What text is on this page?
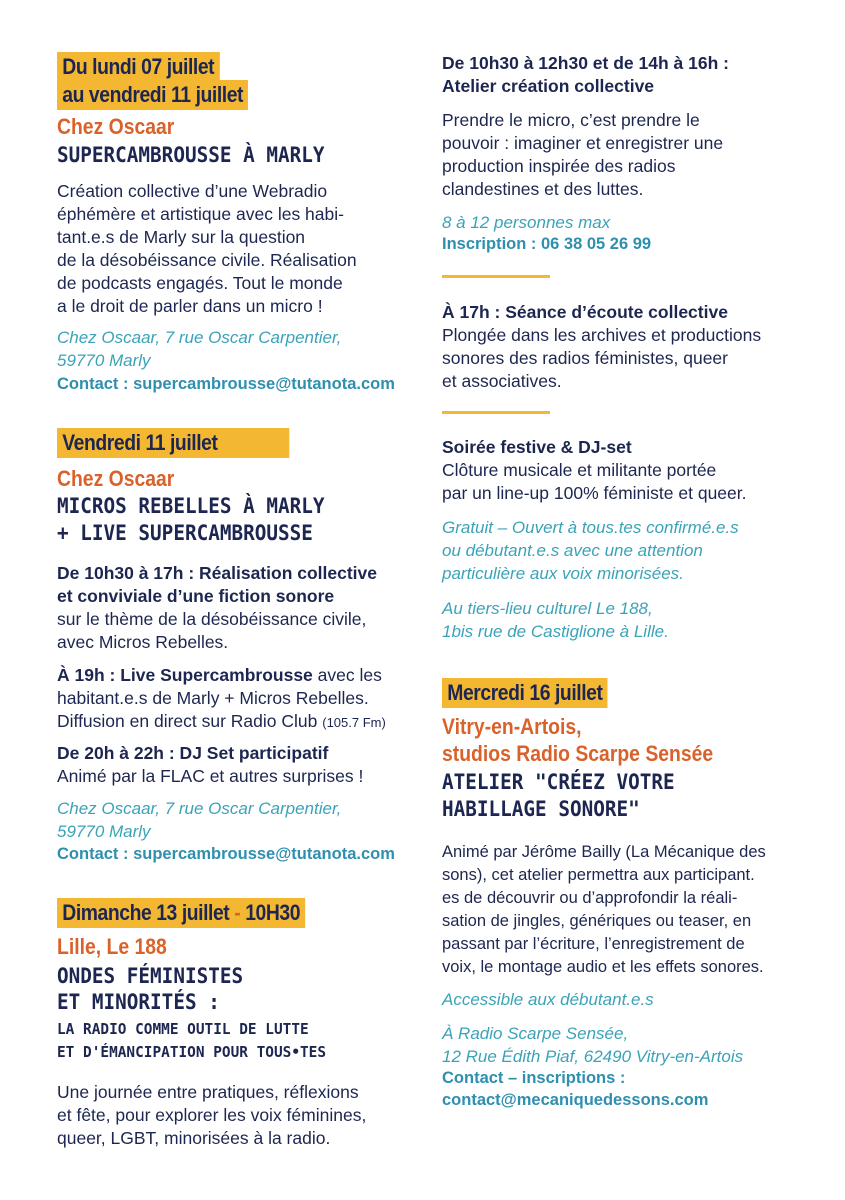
Du lundi 07 juillet
au vendredi 11 juillet
Chez Oscaar
SUPERCAMBROUSSE À MARLY
Création collective d’une Webradio
éphémère et artistique avec les habi-
tant.e.s de Marly sur la question
de la désobéissance civile. Réalisation
de podcasts engagés. Tout le monde
a le droit de parler dans un micro !
Chez Oscaar, 7 rue Oscar Carpentier,
59770 Marly
Contact : supercambrousse@tutanota.com
Vendredi 11 juillet
Chez Oscaar
MICROS REBELLES À MARLY
+ LIVE SUPERCAMBROUSSE
De 10h30 à 17h : Réalisation collective
et conviviale d’une fiction sonore
sur le thème de la désobéissance civile,
avec Micros Rebelles.
À 19h : Live Supercambrousse avec les
habitant.e.s de Marly + Micros Rebelles.
Diffusion en direct sur Radio Club (105.7 Fm)
De 20h à 22h : DJ Set participatif
Animé par la FLAC et autres surprises !
Chez Oscaar, 7 rue Oscar Carpentier,
59770 Marly
Contact : supercambrousse@tutanota.com
Dimanche 13 juillet - 10H30
Lille, Le 188
ONDES FÉMINISTES
ET MINORITÉS :
LA RADIO COMME OUTIL DE LUTTE
ET D'ÉMANCIPATION POUR TOUS•TES
Une journée entre pratiques, réflexions
et fête, pour explorer les voix féminines,
queer, LGBT, minorisées à la radio.
De 10h30 à 12h30 et de 14h à 16h :
Atelier création collective
Prendre le micro, c’est prendre le
pouvoir : imaginer et enregistrer une
production inspirée des radios
clandestines et des luttes.
8 à 12 personnes max
Inscription : 06 38 05 26 99
À 17h : Séance d’écoute collective
Plongée dans les archives et productions
sonores des radios féministes, queer
et associatives.
Soirée festive & DJ-set
Clôture musicale et militante portée
par un line-up 100% féministe et queer.
Gratuit – Ouvert à tous.tes confirmé.e.s
ou débutant.e.s avec une attention
particulière aux voix minorisées.
Au tiers-lieu culturel Le 188,
1bis rue de Castiglione à Lille.
Mercredi 16 juillet
Vitry-en-Artois,
studios Radio Scarpe Sensée
ATELIER "CRÉEZ VOTRE
HABILLAGE SONORE"
Animé par Jérôme Bailly (La Mécanique des
sons), cet atelier permettra aux participant.
es de découvrir ou d’approfondir la réali-
sation de jingles, génériques ou teaser, en
passant par l’écriture, l’enregistrement de
voix, le montage audio et les effets sonores.
Accessible aux débutant.e.s
À Radio Scarpe Sensée,
12 Rue Édith Piaf, 62490 Vitry-en-Artois
Contact – inscriptions :
contact@mecaniquedessons.com
